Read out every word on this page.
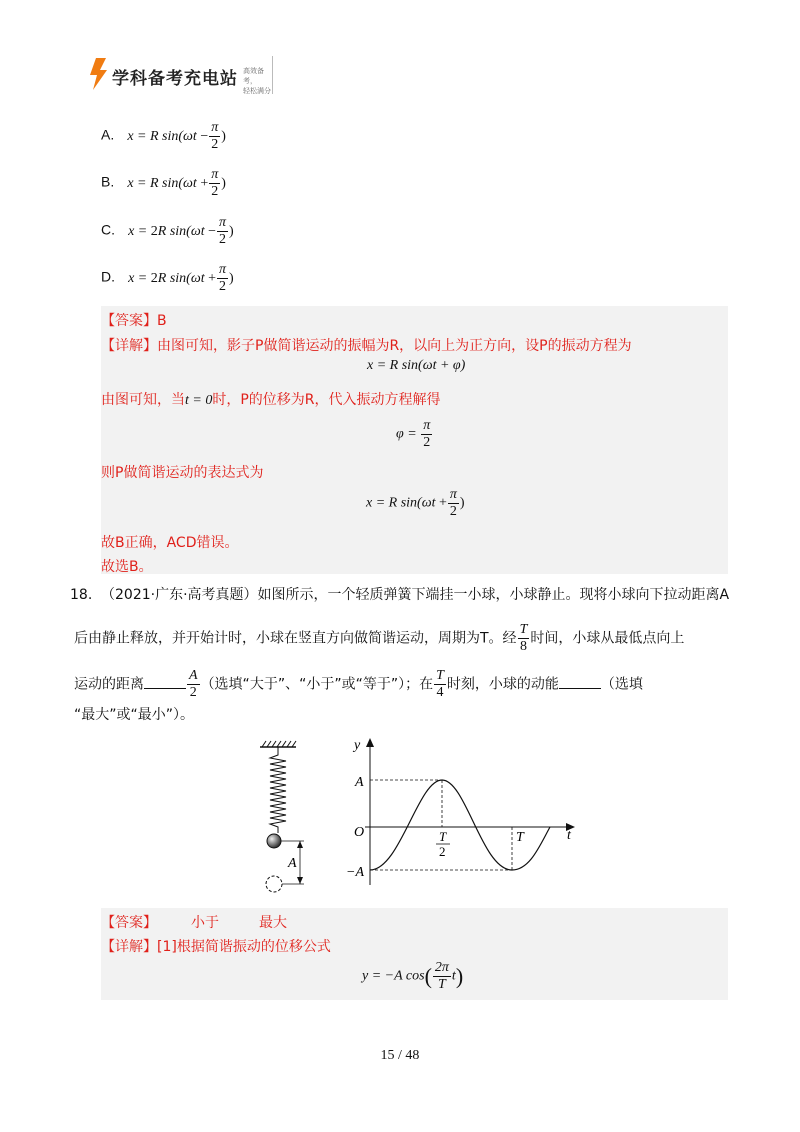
学科备考充电站 高效备考，
轻松满分
A. x = R $\sin(\omega t - \frac{\pi}{2}$ )
B. x = R $\sin(\omega t + \frac{\pi}{2}$ )
C. x = 2R $\sin(\omega t - \frac{\pi}{2}$ )
D. x = 2R $\sin(\omega t + \frac{\pi}{2}$ )
【答案】B
【详解】由图可知，影子P做简谐运动的振幅为R，以向上为正方向，设P的振动方程为
x = R sin(ωt + φ)
由图可知，当t = 0时，P的位移为R，代入振动方程解得
$\varphi = \frac{\pi}{2}$
则P做简谐运动的表达式为
x = R $\sin(\omega t + \frac{\pi}{2}$ )
故B正确，ACD错误。
故选B。
18. （2021·广东·高考真题）如图所示，一个轻质弹簧下端挂一小球，小球静止。现将小球向下拉动距离A
后由静止释放，并开始计时，小球在竖直方向做简谐运动，周期为T。经 $\frac{T}{8}$ 时间，小球从最低点向上
运动的距离	$\frac{A}{2}$ （选填“大于”、“小于”或“等于”）；在 $\frac{T}{4}$ 时刻，小球的动能	（选填
“最大”或“最小”）。
A
y
t
A
O
−A
T
2
T
【答案】 小于	最大
【详解】[1]根据简谐振动的位移公式
y = −A $\cos( \frac{2\pi}{T} t)$
15 / 48
